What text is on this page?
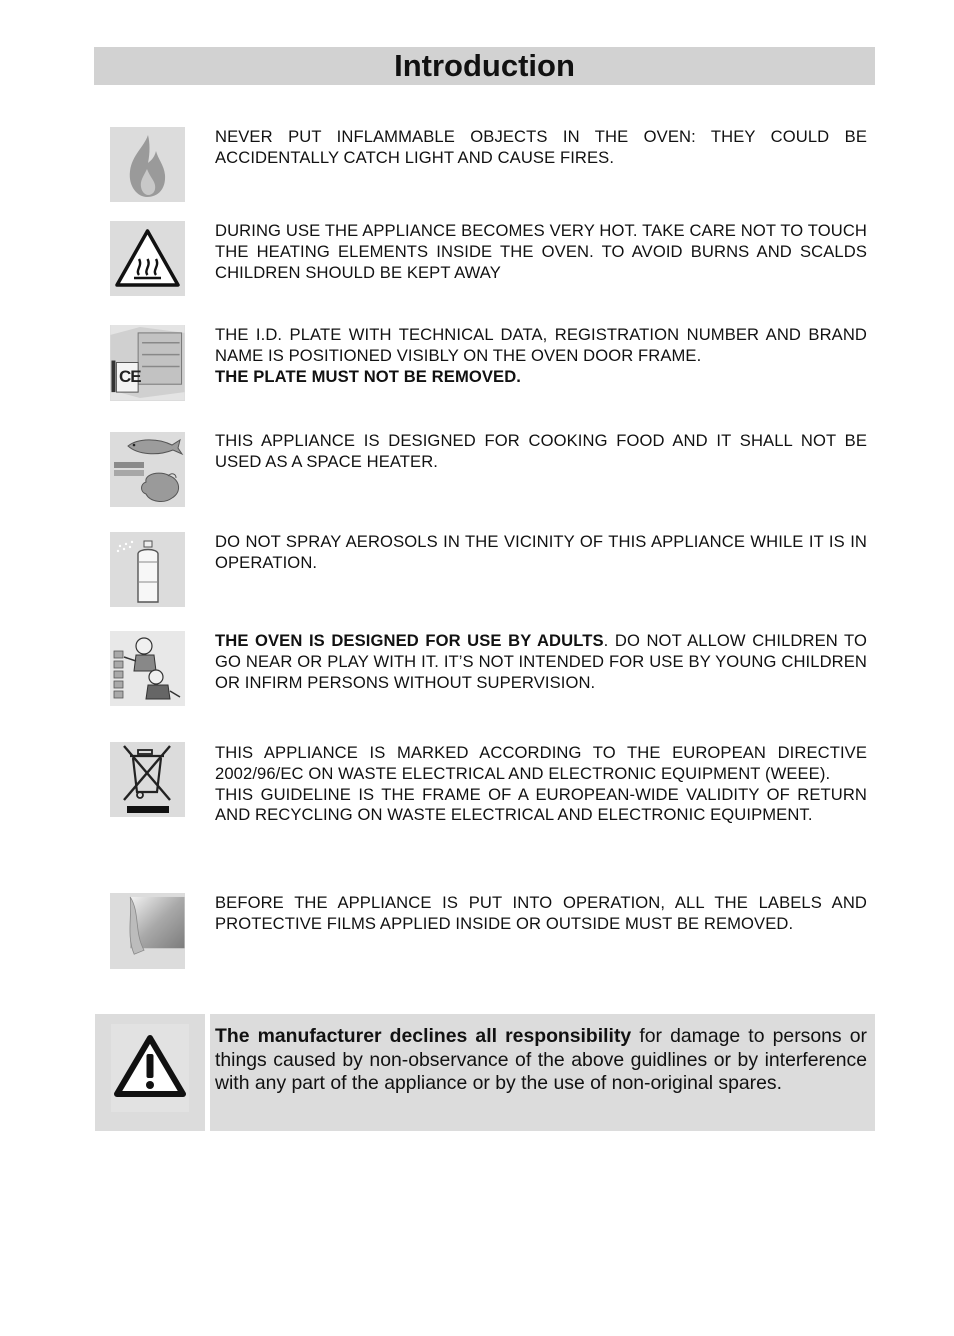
Introduction

NEVER PUT INFLAMMABLE OBJECTS IN THE OVEN: THEY COULD BE ACCIDENTALLY CATCH LIGHT AND CAUSE FIRES.

DURING USE THE APPLIANCE BECOMES VERY HOT. TAKE CARE NOT TO TOUCH THE HEATING ELEMENTS INSIDE THE OVEN. TO AVOID BURNS AND SCALDS CHILDREN SHOULD BE KEPT AWAY

CE

THE I.D. PLATE WITH TECHNICAL DATA, REGISTRATION NUMBER AND BRAND NAME IS POSITIONED VISIBLY ON THE OVEN DOOR FRAME.

THE PLATE MUST NOT BE REMOVED.

THIS APPLIANCE IS DESIGNED FOR COOKING FOOD AND IT SHALL NOT BE USED AS A SPACE HEATER.

DO NOT SPRAY AEROSOLS IN THE VICINITY OF THIS APPLIANCE WHILE IT IS IN OPERATION.

THE OVEN IS DESIGNED FOR USE BY ADULTS. DO NOT ALLOW CHILDREN TO GO NEAR OR PLAY WITH IT. IT’S NOT INTENDED FOR USE BY YOUNG CHILDREN OR INFIRM PERSONS WITHOUT SUPERVISION.

THIS APPLIANCE IS MARKED ACCORDING TO THE EUROPEAN DIRECTIVE 2002/96/EC ON WASTE ELECTRICAL AND ELECTRONIC EQUIPMENT (WEEE).

THIS GUIDELINE IS THE FRAME OF A EUROPEAN-WIDE VALIDITY OF RETURN AND RECYCLING ON WASTE ELECTRICAL AND ELECTRONIC EQUIPMENT.

BEFORE THE APPLIANCE IS PUT INTO OPERATION, ALL THE LABELS AND PROTECTIVE FILMS APPLIED INSIDE OR OUTSIDE MUST BE REMOVED.

The manufacturer declines all responsibility for damage to persons or things caused by non-observance of the above guidlines or by interference with any part of the appliance or by the use of non-original spares.
